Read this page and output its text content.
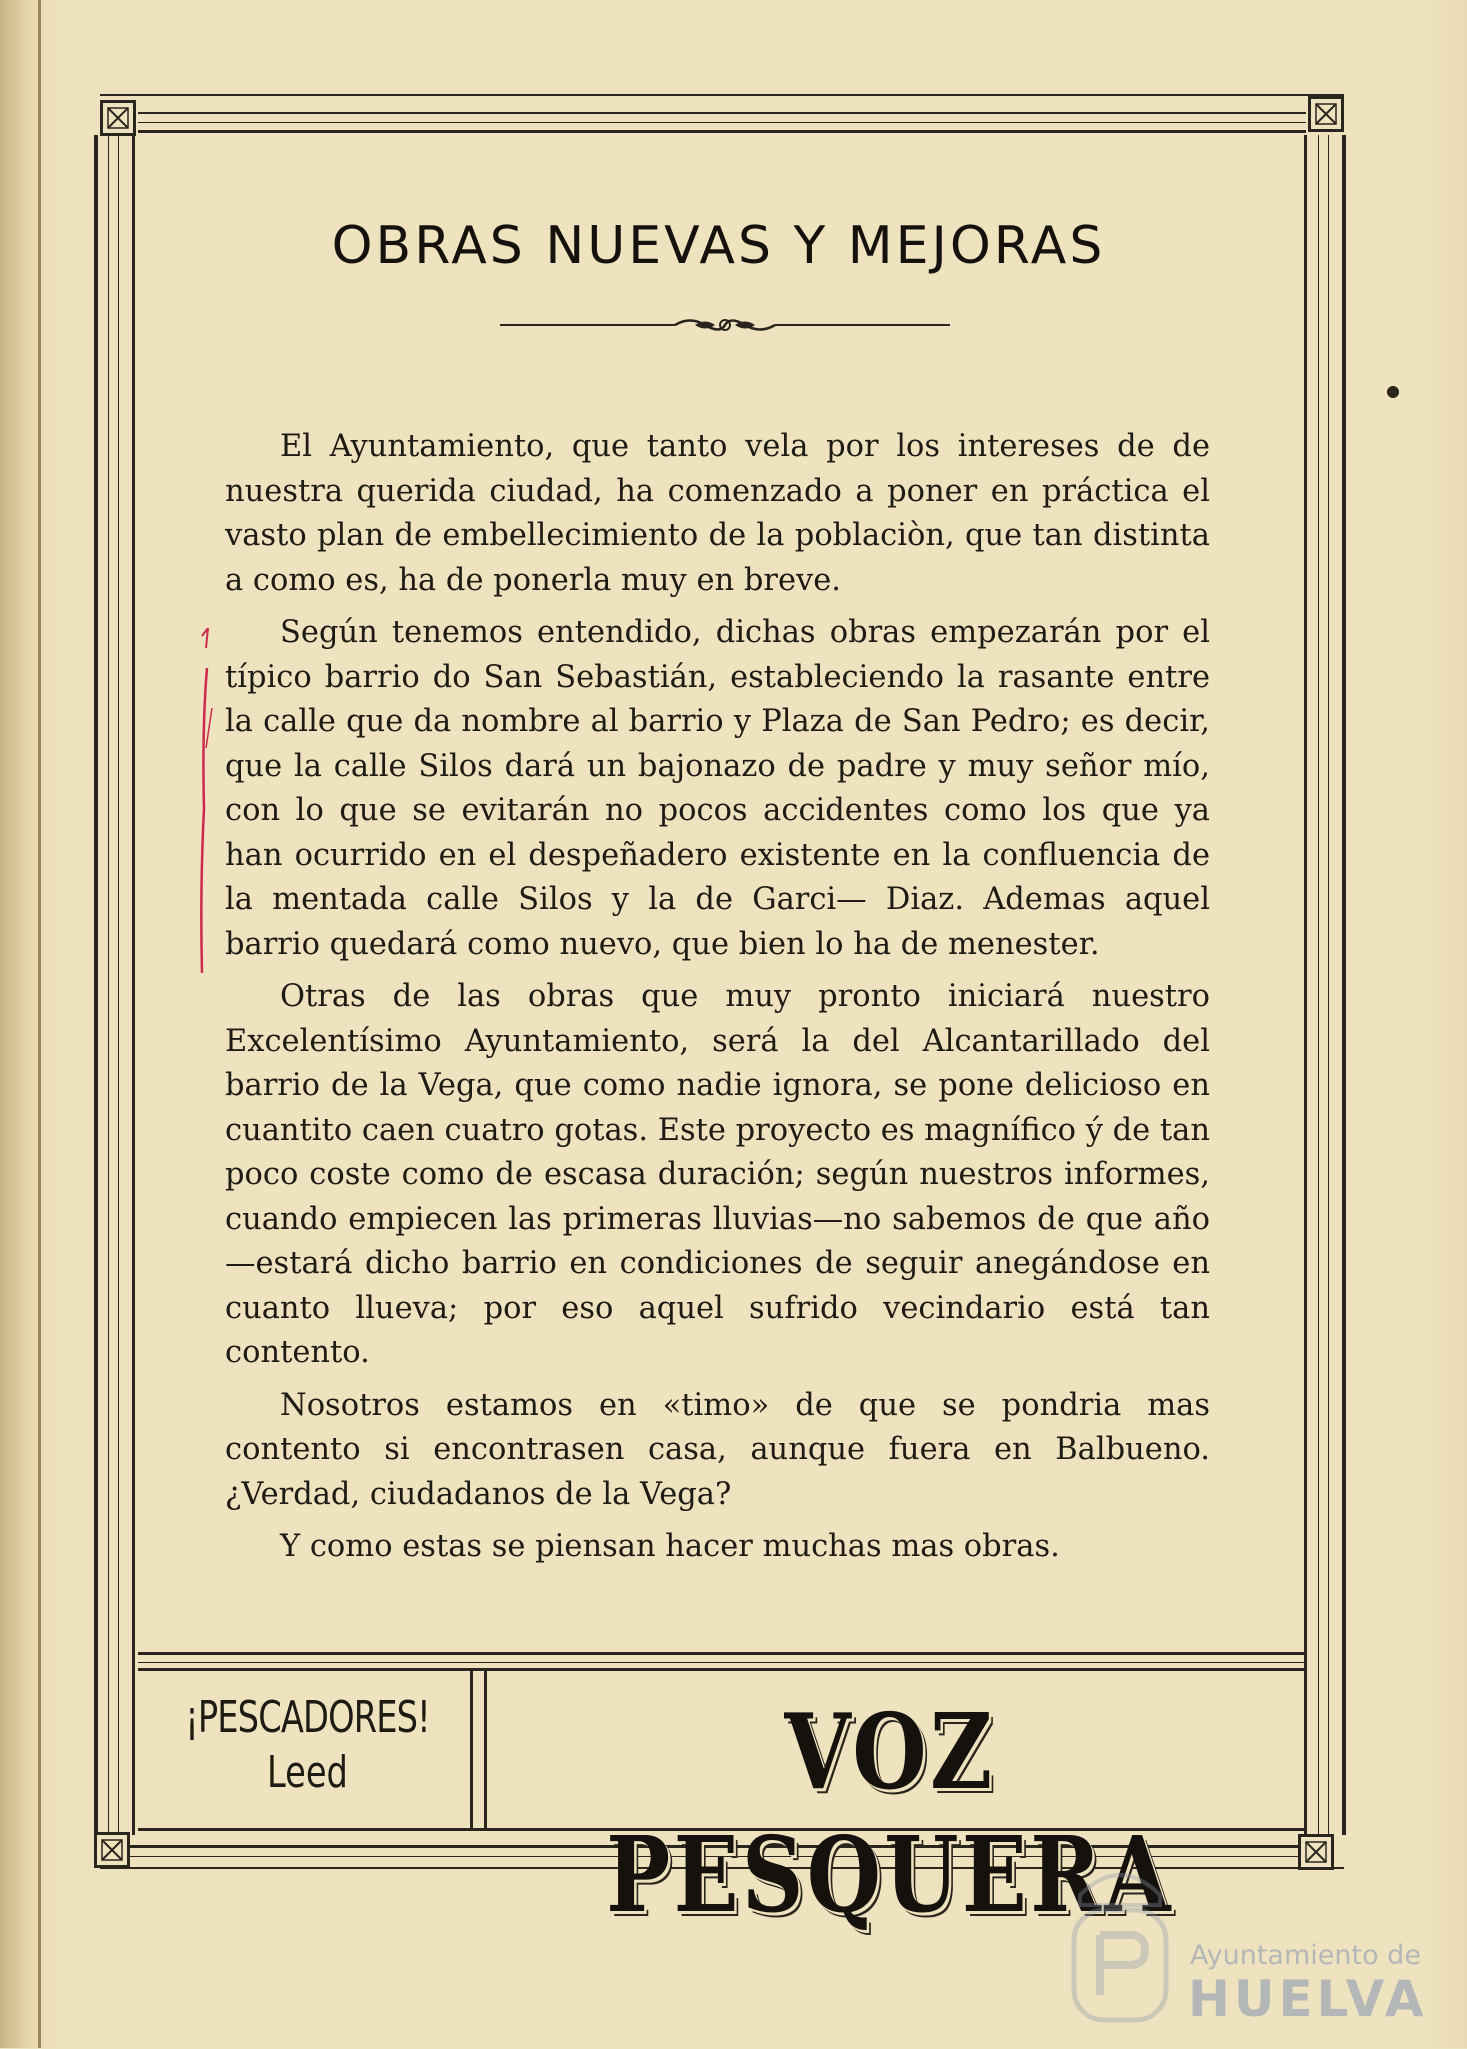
OBRAS NUEVAS Y MEJORAS

El Ayuntamiento, que tanto vela por los intereses de de nuestra querida ciudad, ha comenzado a poner en práctica el vasto plan de embellecimiento de la poblaciòn, que tan distinta a como es, ha de ponerla muy en breve.

Según tenemos entendido, dichas obras empezarán por el típico barrio do San Sebastián, estableciendo la rasante entre la calle que da nombre al barrio y Plaza de San Pedro; es decir, que la calle Silos dará un bajonazo de padre y muy señor mío, con lo que se evitarán no pocos accidentes como los que ya han ocurrido en el despeñadero existente en la confluencia de la mentada calle Silos y la de Garci— Diaz. Ademas aquel barrio quedará como nuevo, que bien lo ha de menester.

Otras de las obras que muy pronto iniciará nuestro Excelentísimo Ayuntamiento, será la del Alcantarillado del barrio de la Vega, que como nadie ignora, se pone delicioso en cuantito caen cuatro gotas. Este proyecto es magnífico ý de tan poco coste como de escasa duración; según nuestros informes, cuando empiecen las primeras lluvias—no sabemos de que año—estará dicho barrio en condiciones de seguir anegándose en cuanto llueva; por eso aquel sufrido vecindario está tan contento.

Nosotros estamos en «timo» de que se pondria mas contento si encontrasen casa, aunque fuera en Balbueno. ¿Verdad, ciudadanos de la Vega?

Y como estas se piensan hacer muchas mas obras.

¡PESCADORES!
Leed	VOZ PESQUERA
Ayuntamiento de
HUELVA
